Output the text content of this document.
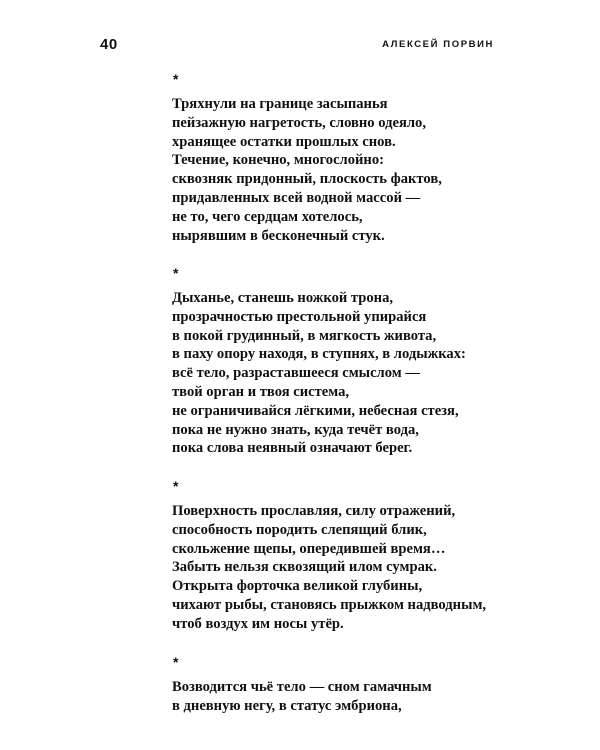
40	АЛЕКСЕЙ ПОРВИН
*
Тряхнули на границе засыпанья
пейзажную нагретость, словно одеяло,
хранящее остатки прошлых снов.
Течение, конечно, многослойно:
сквозняк придонный, плоскость фактов,
придавленных всей водной массой —
не то, чего сердцам хотелось,
нырявшим в бесконечный стук.
*
Дыханье, станешь ножкой трона,
прозрачностью престольной упирайся
в покой грудинный, в мягкость живота,
в паху опору находя, в ступнях, в лодыжках:
всё тело, разраставшееся смыслом —
твой орган и твоя система,
не ограничивайся лёгкими, небесная стезя,
пока не нужно знать, куда течёт вода,
пока слова неявный означают берег.
*
Поверхность прославляя, силу отражений,
способность породить слепящий блик,
скольжение щепы, опередившей время…
Забыть нельзя сквозящий илом сумрак.
Открыта форточка великой глубины,
чихают рыбы, становясь прыжком надводным,
чтоб воздух им носы утёр.
*
Возводится чьё тело — сном гамачным
в дневную негу, в статус эмбриона,
